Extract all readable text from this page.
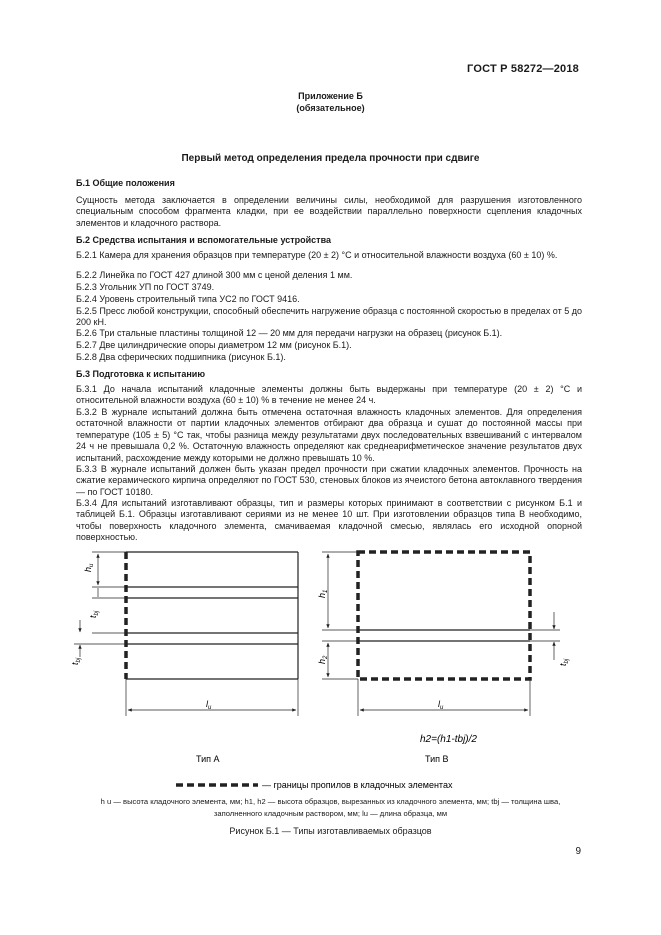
ГОСТ Р 58272—2018
Приложение Б
(обязательное)
Первый метод определения предела прочности при сдвиге
Б.1 Общие положения
Сущность метода заключается в определении величины силы, необходимой для разрушения изготовленного специальным способом фрагмента кладки, при ее воздействии параллельно поверхности сцепления кладочных элементов и кладочного раствора.
Б.2 Средства испытания и вспомогательные устройства
Б.2.1 Камера для хранения образцов при температуре (20 ± 2) °С и относительной влажности воздуха (60 ± 10) %.
Б.2.2 Линейка по ГОСТ 427 длиной 300 мм с ценой деления 1 мм.
Б.2.3 Угольник УП по ГОСТ 3749.
Б.2.4 Уровень строительный типа УС2 по ГОСТ 9416.
Б.2.5 Пресс любой конструкции, способный обеспечить нагружение образца с постоянной скоростью в пределах от 5 до 200 кН.
Б.2.6 Три стальные пластины толщиной 12 — 20 мм для передачи нагрузки на образец (рисунок Б.1).
Б.2.7 Две цилиндрические опоры диаметром 12 мм (рисунок Б.1).
Б.2.8 Два сферических подшипника (рисунок Б.1).
Б.3 Подготовка к испытанию
Б.3.1 До начала испытаний кладочные элементы должны быть выдержаны при температуре (20 ± 2) °С и относительной влажности воздуха (60 ± 10) % в течение не менее 24 ч.
Б.3.2 В журнале испытаний должна быть отмечена остаточная влажность кладочных элементов. Для определения остаточной влажности от партии кладочных элементов отбирают два образца и сушат до постоянной массы при температуре (105 ± 5) °С так, чтобы разница между результатами двух последовательных взвешиваний с интервалом 24 ч не превышала 0,2 %. Остаточную влажность определяют как среднеарифметическое значение результатов двух испытаний, расхождение между которыми не должно превышать 10 %.
Б.3.3 В журнале испытаний должен быть указан предел прочности при сжатии кладочных элементов. Прочность на сжатие керамического кирпича определяют по ГОСТ 530, стеновых блоков из ячеистого бетона автоклавного твердения — по ГОСТ 10180.
Б.3.4 Для испытаний изготавливают образцы, тип и размеры которых принимают в соответствии с рисунком Б.1 и таблицей Б.1. Образцы изготавливают сериями из не менее 10 шт. При изготовлении образцов типа В необходимо, чтобы поверхность кладочного элемента, смачиваемая кладочной смесью, являлась его исходной опорной поверхностью.
$h_u$
$t_{bj}$
$t_{bj}$
$l_u$
$h_1$
$h_2$
$t_{bj}$
$l_u$
h2=(h1-tbj)/2
Тип А	Тип В
— границы пропилов в кладочных элементах
h u — высота кладочного элемента, мм; h1, h2 — высота образцов, вырезанных из кладочного элемента, мм; tbj — толщина шва,
заполненного кладочным раствором, мм; lu — длина образца, мм
Рисунок Б.1 — Типы изготавливаемых образцов
9
